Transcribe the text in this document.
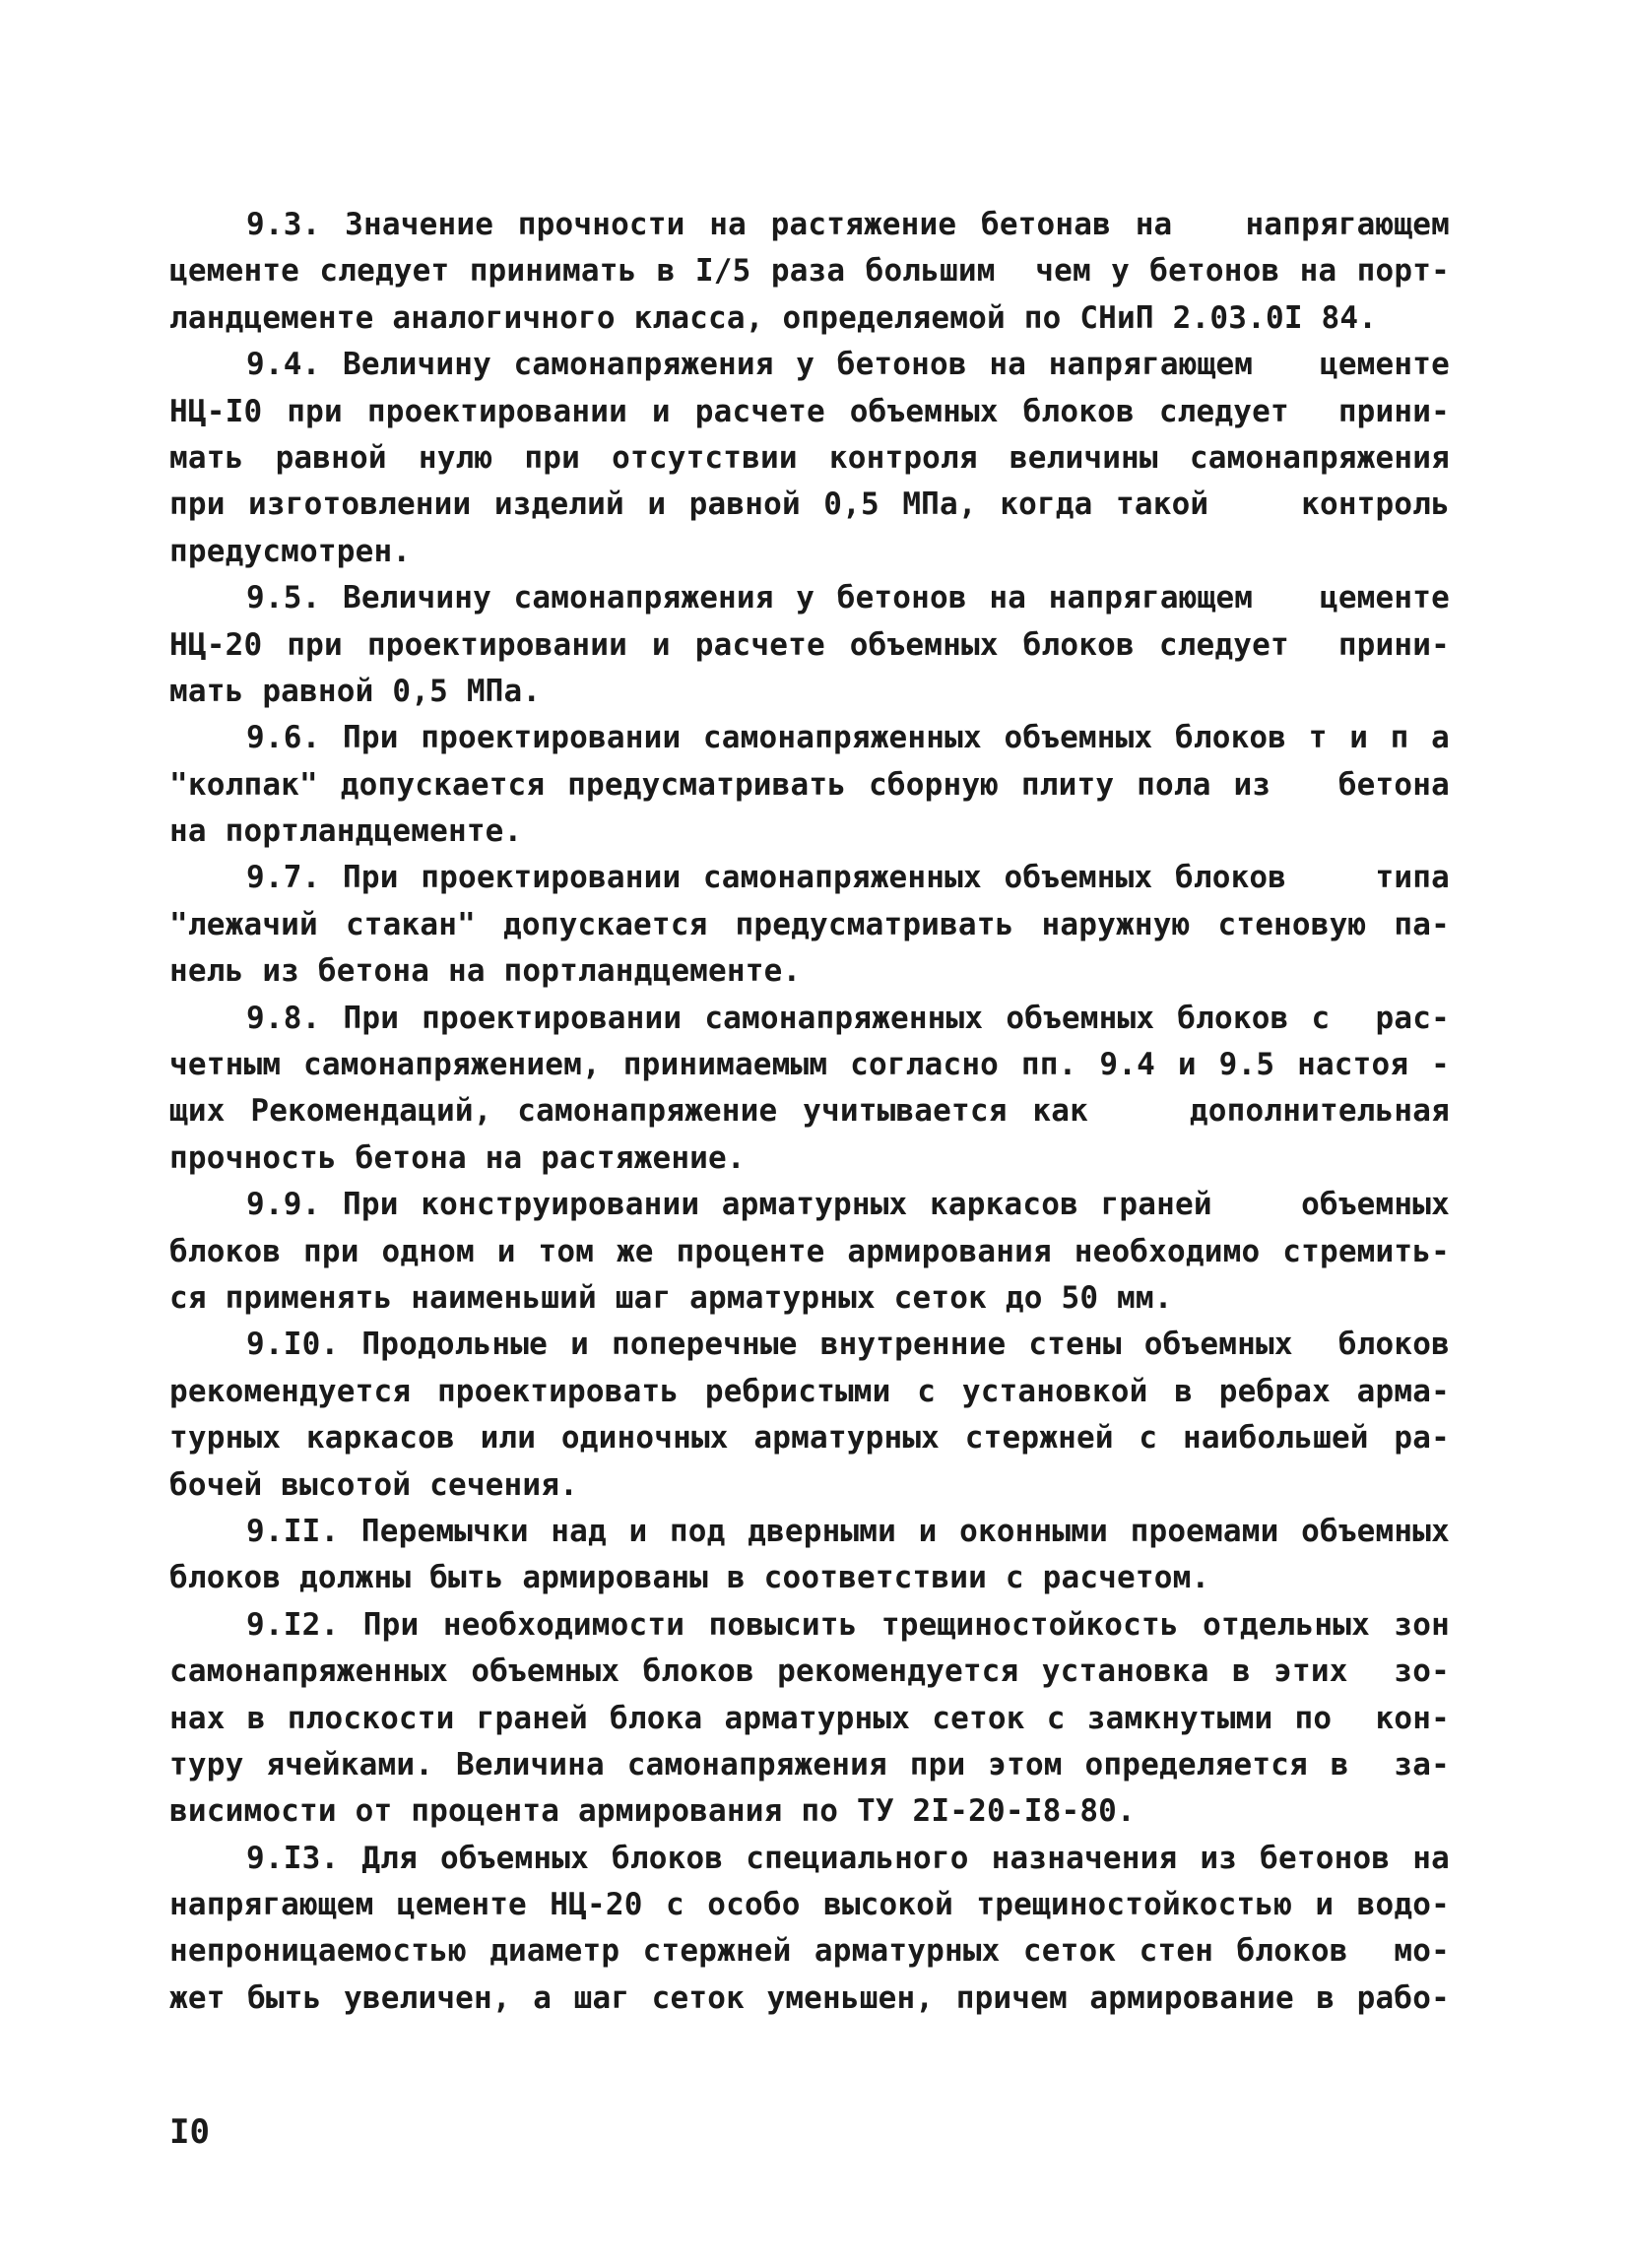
9.3. Значение прочности на растяжение бетонав на   напрягающем
цементе следует принимать в I/5 раза большим  чем у бетонов на порт-
ландцементе аналогичного класса, определяемой по СНиП 2.03.0I 84.
9.4. Величину самонапряжения у бетонов на напрягающем   цементе
НЦ-I0 при проектировании и расчете объемных блоков следует  прини-
мать равной нулю при отсутствии контроля величины самонапряжения
при изготовлении изделий и равной 0,5 МПа, когда такой    контроль
предусмотрен.
9.5. Величину самонапряжения у бетонов на напрягающем   цементе
НЦ-20 при проектировании и расчете объемных блоков следует  прини-
мать равной 0,5 МПа.
9.6. При проектировании самонапряженных объемных блоков т и п а
"колпак" допускается предусматривать сборную плиту пола из   бетона
на портландцементе.
9.7. При проектировании самонапряженных объемных блоков    типа
"лежачий стакан" допускается предусматривать наружную стеновую па-
нель из бетона на портландцементе.
9.8. При проектировании самонапряженных объемных блоков с  рас-
четным самонапряжением, принимаемым согласно пп. 9.4 и 9.5 настоя -
щих Рекомендаций, самонапряжение учитывается как    дополнительная
прочность бетона на растяжение.
9.9. При конструировании арматурных каркасов граней    объемных
блоков при одном и том же проценте армирования необходимо стремить-
ся применять наименьший шаг арматурных сеток до 50 мм.
9.I0. Продольные и поперечные внутренние стены объемных  блоков
рекомендуется проектировать ребристыми с установкой в ребрах арма-
турных каркасов или одиночных арматурных стержней с наибольшей ра-
бочей высотой сечения.
9.II. Перемычки над и под дверными и оконными проемами объемных
блоков должны быть армированы в соответствии с расчетом.
9.I2. При необходимости повысить трещиностойкость отдельных зон
самонапряженных объемных блоков рекомендуется установка в этих  зо-
нах в плоскости граней блока арматурных сеток с замкнутыми по  кон-
туру ячейками. Величина самонапряжения при этом определяется в  за-
висимости от процента армирования по ТУ 2I-20-I8-80.
9.I3. Для объемных блоков специального назначения из бетонов на
напрягающем цементе НЦ-20 с особо высокой трещиностойкостью и водо-
непроницаемостью диаметр стержней арматурных сеток стен блоков  мо-
жет быть увеличен, а шаг сеток уменьшен, причем армирование в рабо-
I0
